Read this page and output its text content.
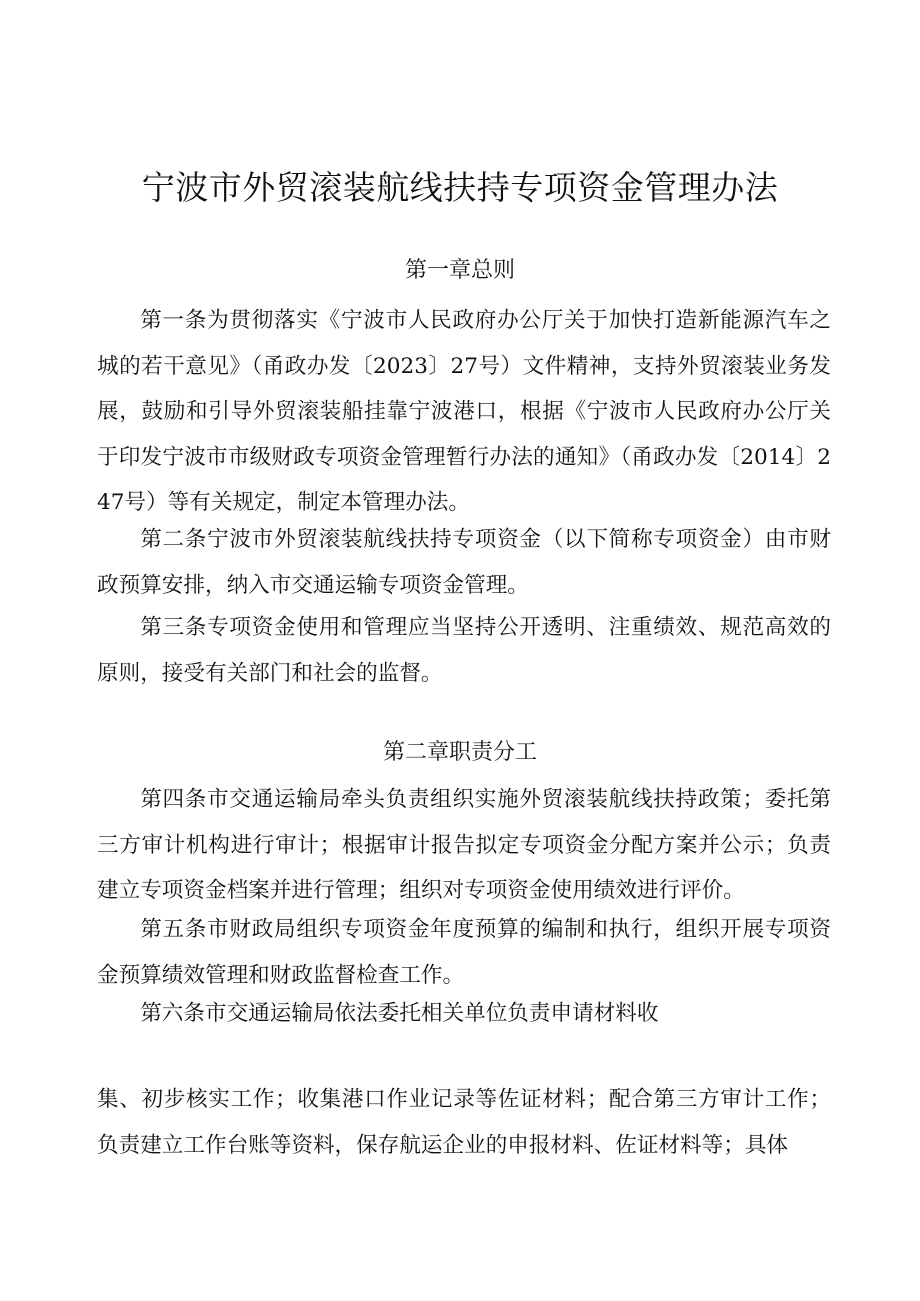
宁波市外贸滚装航线扶持专项资金管理办法
第一章总则

第一条为贯彻落实《宁波市人民政府办公厅关于加快打造新能源汽车之城的若干意见》（甬政办发〔2023〕27号）文件精神，支持外贸滚装业务发展，鼓励和引导外贸滚装船挂靠宁波港口，根据《宁波市人民政府办公厅关于印发宁波市市级财政专项资金管理暂行办法的通知》（甬政办发〔2014〕247号）等有关规定，制定本管理办法。

第二条宁波市外贸滚装航线扶持专项资金（以下简称专项资金）由市财政预算安排，纳入市交通运输专项资金管理。

第三条专项资金使用和管理应当坚持公开透明、注重绩效、规范高效的原则，接受有关部门和社会的监督。

第二章职责分工

第四条市交通运输局牵头负责组织实施外贸滚装航线扶持政策；委托第三方审计机构进行审计；根据审计报告拟定专项资金分配方案并公示；负责建立专项资金档案并进行管理；组织对专项资金使用绩效进行评价。

第五条市财政局组织专项资金年度预算的编制和执行，组织开展专项资金预算绩效管理和财政监督检查工作。

第六条市交通运输局依法委托相关单位负责申请材料收

集、初步核实工作；收集港口作业记录等佐证材料；配合第三方审计工作；负责建立工作台账等资料，保存航运企业的申报材料、佐证材料等；具体
